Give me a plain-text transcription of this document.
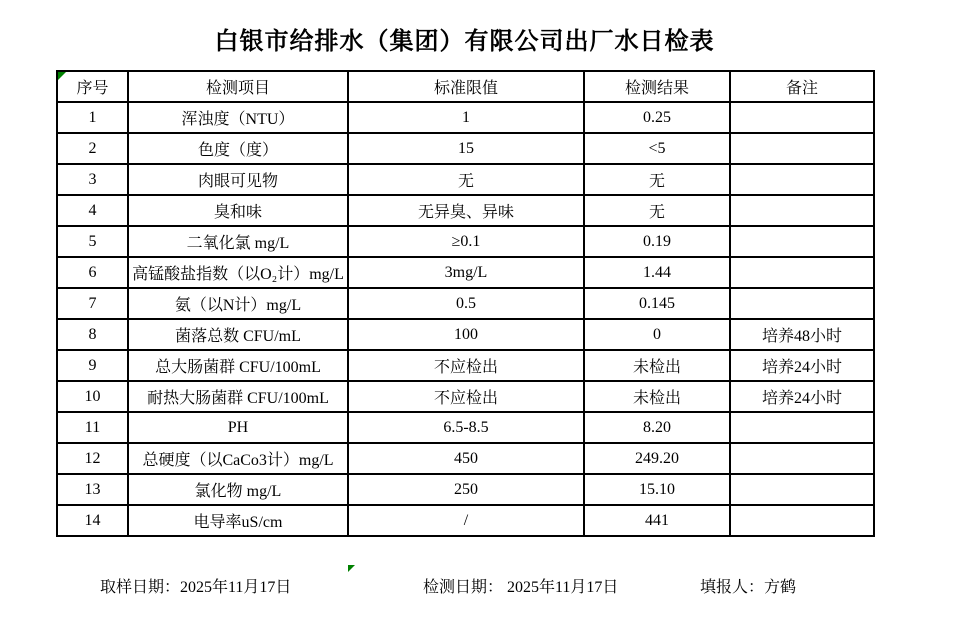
白银市给排水（集团）有限公司出厂水日检表
序号	检测项目	标准限值	检测结果	备注
1	浑浊度（NTU）	1	0.25	
2	色度（度）	15	<5	
3	肉眼可见物	无	无	
4	臭和味	无异臭、异味	无	
5	二氧化氯 mg/L	≥0.1	0.19	
6	高锰酸盐指数（以O₂计）mg/L	3mg/L	1.44	
7	氨（以N计）mg/L	0.5	0.145	
8	菌落总数 CFU/mL	100	0	培养48小时
9	总大肠菌群 CFU/100mL	不应检出	未检出	培养24小时
10	耐热大肠菌群 CFU/100mL	不应检出	未检出	培养24小时
11	PH	6.5-8.5	8.20	
12	总硬度（以CaCo3计）mg/L	450	249.20	
13	氯化物 mg/L	250	15.10	
14	电导率uS/cm	/	441	
取样日期：2025年11月17日	检测日期： 2025年11月17日	填报人：方鹤
